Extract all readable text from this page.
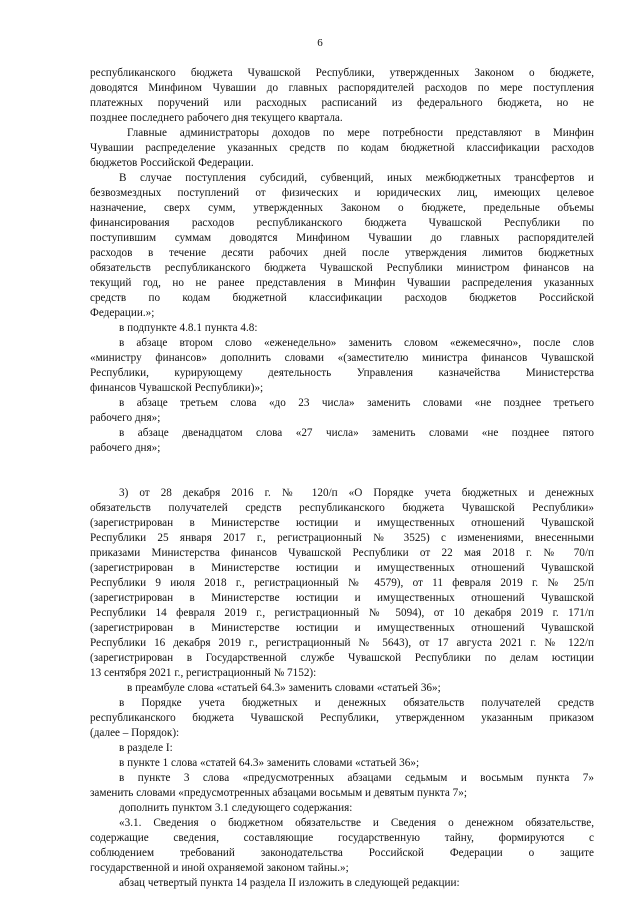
6

республиканского бюджета Чувашской Республики, утвержденных Законом о бюджете,

доводятся Минфином Чувашии до главных распорядителей расходов по мере поступления

платежных поручений или расходных расписаний из федерального бюджета, но не

позднее последнего рабочего дня текущего квартала.

Главные администраторы доходов по мере потребности представляют в Минфин

Чувашии распределение указанных средств по кодам бюджетной классификации расходов

бюджетов Российской Федерации.

В случае поступления субсидий, субвенций, иных межбюджетных трансфертов и

безвозмездных поступлений от физических и юридических лиц, имеющих целевое

назначение, сверх сумм, утвержденных Законом о бюджете, предельные объемы

финансирования расходов республиканского бюджета Чувашской Республики по

поступившим суммам доводятся Минфином Чувашии до главных распорядителей

расходов в течение десяти рабочих дней после утверждения лимитов бюджетных

обязательств республиканского бюджета Чувашской Республики министром финансов на

текущий год, но не ранее представления в Минфин Чувашии распределения указанных

средств по кодам бюджетной классификации расходов бюджетов Российской

Федерации.»;

в подпункте 4.8.1 пункта 4.8:

в абзаце втором слово «еженедельно» заменить словом «ежемесячно», после слов

«министру финансов» дополнить словами «(заместителю министра финансов Чувашской

Республики, курирующему деятельность Управления казначейства Министерства

финансов Чувашской Республики)»;

в абзаце третьем слова «до 23 числа» заменить словами «не позднее третьего

рабочего дня»;

в абзаце двенадцатом слова «27 числа» заменить словами «не позднее пятого

рабочего дня»;

3) от 28 декабря 2016 г. № 120/п «О Порядке учета бюджетных и денежных

обязательств получателей средств республиканского бюджета Чувашской Республики»

(зарегистрирован в Министерстве юстиции и имущественных отношений Чувашской

Республики 25 января 2017 г., регистрационный № 3525) с изменениями, внесенными

приказами Министерства финансов Чувашской Республики от 22 мая 2018 г. № 70/п

(зарегистрирован в Министерстве юстиции и имущественных отношений Чувашской

Республики 9 июля 2018 г., регистрационный № 4579), от 11 февраля 2019 г. № 25/п

(зарегистрирован в Министерстве юстиции и имущественных отношений Чувашской

Республики 14 февраля 2019 г., регистрационный № 5094), от 10 декабря 2019 г. 171/п

(зарегистрирован в Министерстве юстиции и имущественных отношений Чувашской

Республики 16 декабря 2019 г., регистрационный № 5643), от 17 августа 2021 г. № 122/п

(зарегистрирован в Государственной службе Чувашской Республики по делам юстиции

13 сентября 2021 г., регистрационный № 7152):

в преамбуле слова «статьей 64.3» заменить словами «статьей 36»;

в Порядке учета бюджетных и денежных обязательств получателей средств

республиканского бюджета Чувашской Республики, утвержденном указанным приказом

(далее – Порядок):

в разделе I:

в пункте 1 слова «статей 64.3» заменить словами «статьей 36»;

в пункте 3 слова «предусмотренных абзацами седьмым и восьмым пункта 7»

заменить словами «предусмотренных абзацами восьмым и девятым пункта 7»;

дополнить пунктом 3.1 следующего содержания:

«3.1. Сведения о бюджетном обязательстве и Сведения о денежном обязательстве,

содержащие сведения, составляющие государственную тайну, формируются с

соблюдением требований законодательства Российской Федерации о защите

государственной и иной охраняемой законом тайны.»;

абзац четвертый пункта 14 раздела II изложить в следующей редакции:
